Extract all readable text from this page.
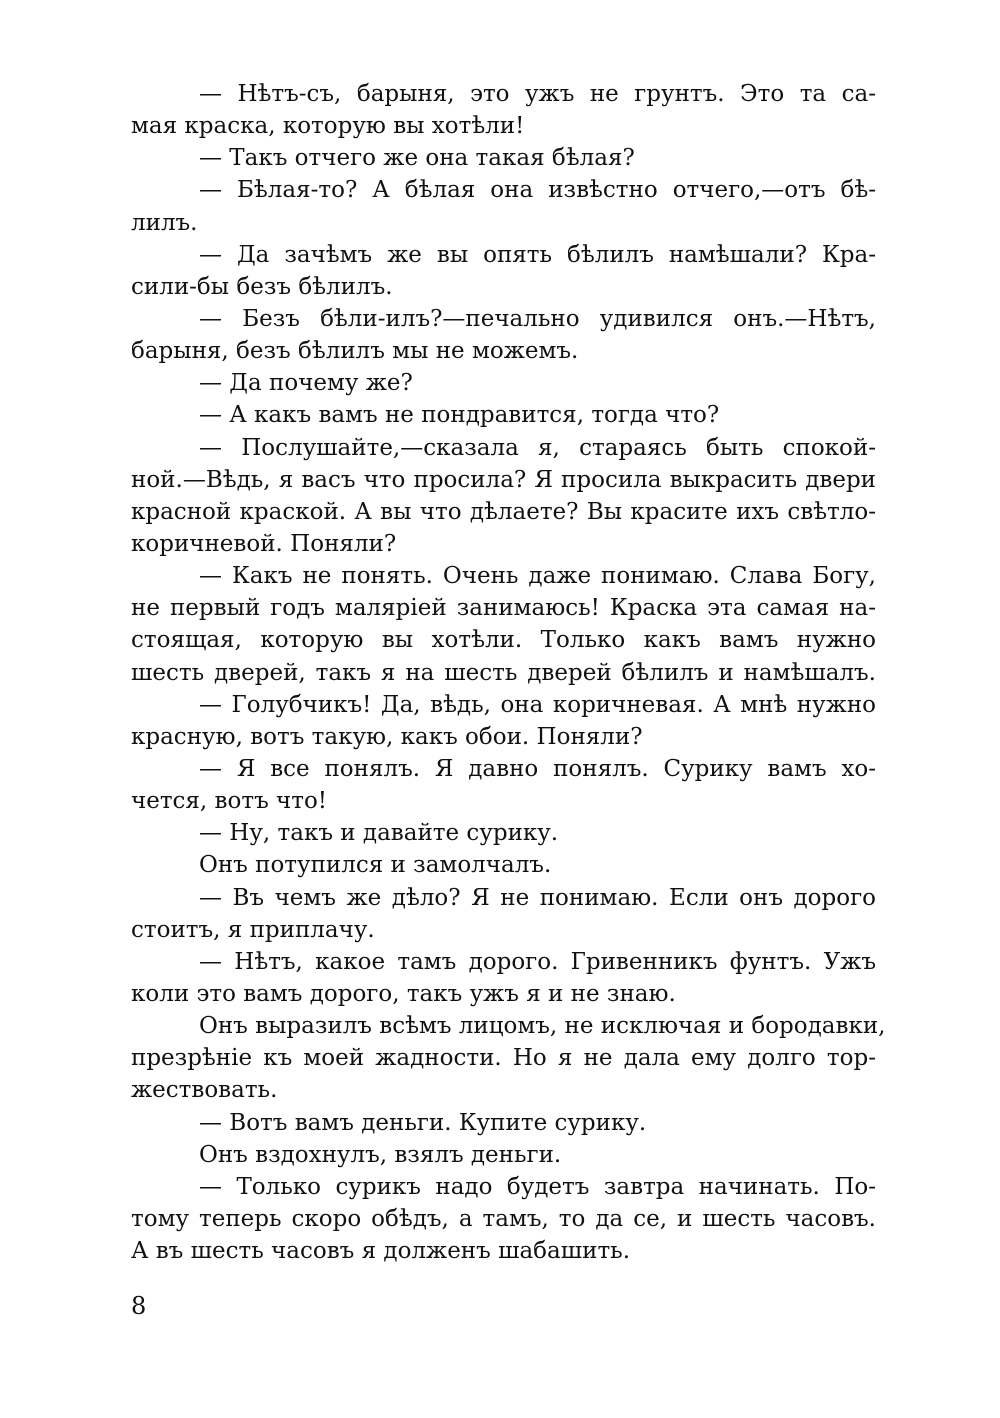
— Нѣтъ-съ, барыня, это ужъ не грунтъ. Это та са-
мая краска, которую вы хотѣли!
— Такъ отчего же она такая бѣлая?
— Бѣлая-то? А бѣлая она извѣстно отчего,—отъ бѣ-
лилъ.
— Да зачѣмъ же вы опять бѣлилъ намѣшали? Кра-
сили-бы безъ бѣлилъ.
— Безъ бѣли-илъ?—печально удивился онъ.—Нѣтъ,
барыня, безъ бѣлилъ мы не можемъ.
— Да почему же?
— А какъ вамъ не пондравится, тогда что?
— Послушайте,—сказала я, стараясь быть спокой-
ной.—Вѣдь, я васъ что просила? Я просила выкрасить двери
красной краской. А вы что дѣлаете? Вы красите ихъ свѣтло-
коричневой. Поняли?
— Какъ не понять. Очень даже понимаю. Слава Богу,
не первый годъ маляріей занимаюсь! Краска эта самая на-
стоящая, которую вы хотѣли. Только какъ вамъ нужно
шесть дверей, такъ я на шесть дверей бѣлилъ и намѣшалъ.
— Голубчикъ! Да, вѣдь, она коричневая. А мнѣ нужно
красную, вотъ такую, какъ обои. Поняли?
— Я все понялъ. Я давно понялъ. Сурику вамъ хо-
чется, вотъ что!
— Ну, такъ и давайте сурику.
Онъ потупился и замолчалъ.
— Въ чемъ же дѣло? Я не понимаю. Если онъ дорого
стоитъ, я приплачу.
— Нѣтъ, какое тамъ дорого. Гривенникъ фунтъ. Ужъ
коли это вамъ дорого, такъ ужъ я и не знаю.
Онъ выразилъ всѣмъ лицомъ, не исключая и бородавки,
презрѣніе къ моей жадности. Но я не дала ему долго тор-
жествовать.
— Вотъ вамъ деньги. Купите сурику.
Онъ вздохнулъ, взялъ деньги.
— Только сурикъ надо будетъ завтра начинать. По-
тому теперь скоро обѣдъ, а тамъ, то да се, и шесть часовъ.
А въ шесть часовъ я долженъ шабашить.
8
